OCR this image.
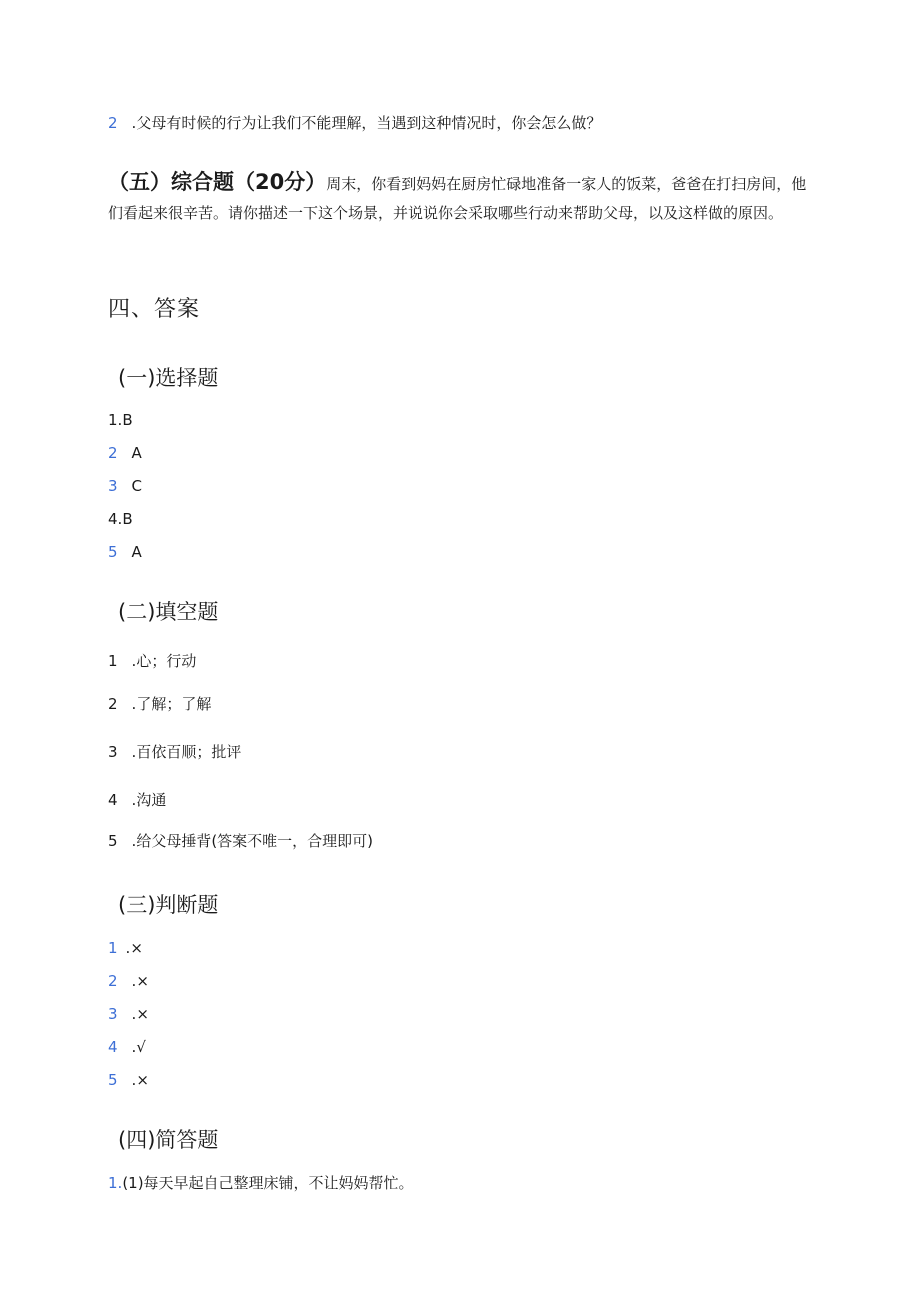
2 .父母有时候的行为让我们不能理解，当遇到这种情况时，你会怎么做？
（五）综合题（20分）周末，你看到妈妈在厨房忙碌地准备一家人的饭菜，爸爸在打扫房间，他们看起来很辛苦。请你描述一下这个场景，并说说你会采取哪些行动来帮助父母，以及这样做的原因。
四、答案
(一)选择题
1.B
2 A
3 C
4.B
5 A
(二)填空题
1 .心；行动
2 .了解；了解
3 .百依百顺；批评
4 .沟通
5 .给父母捶背(答案不唯一，合理即可)
(三)判断题
1 .×
2 .×
3 .×
4 .√
5 .×
(四)简答题
1.(1)每天早起自己整理床铺，不让妈妈帮忙。
